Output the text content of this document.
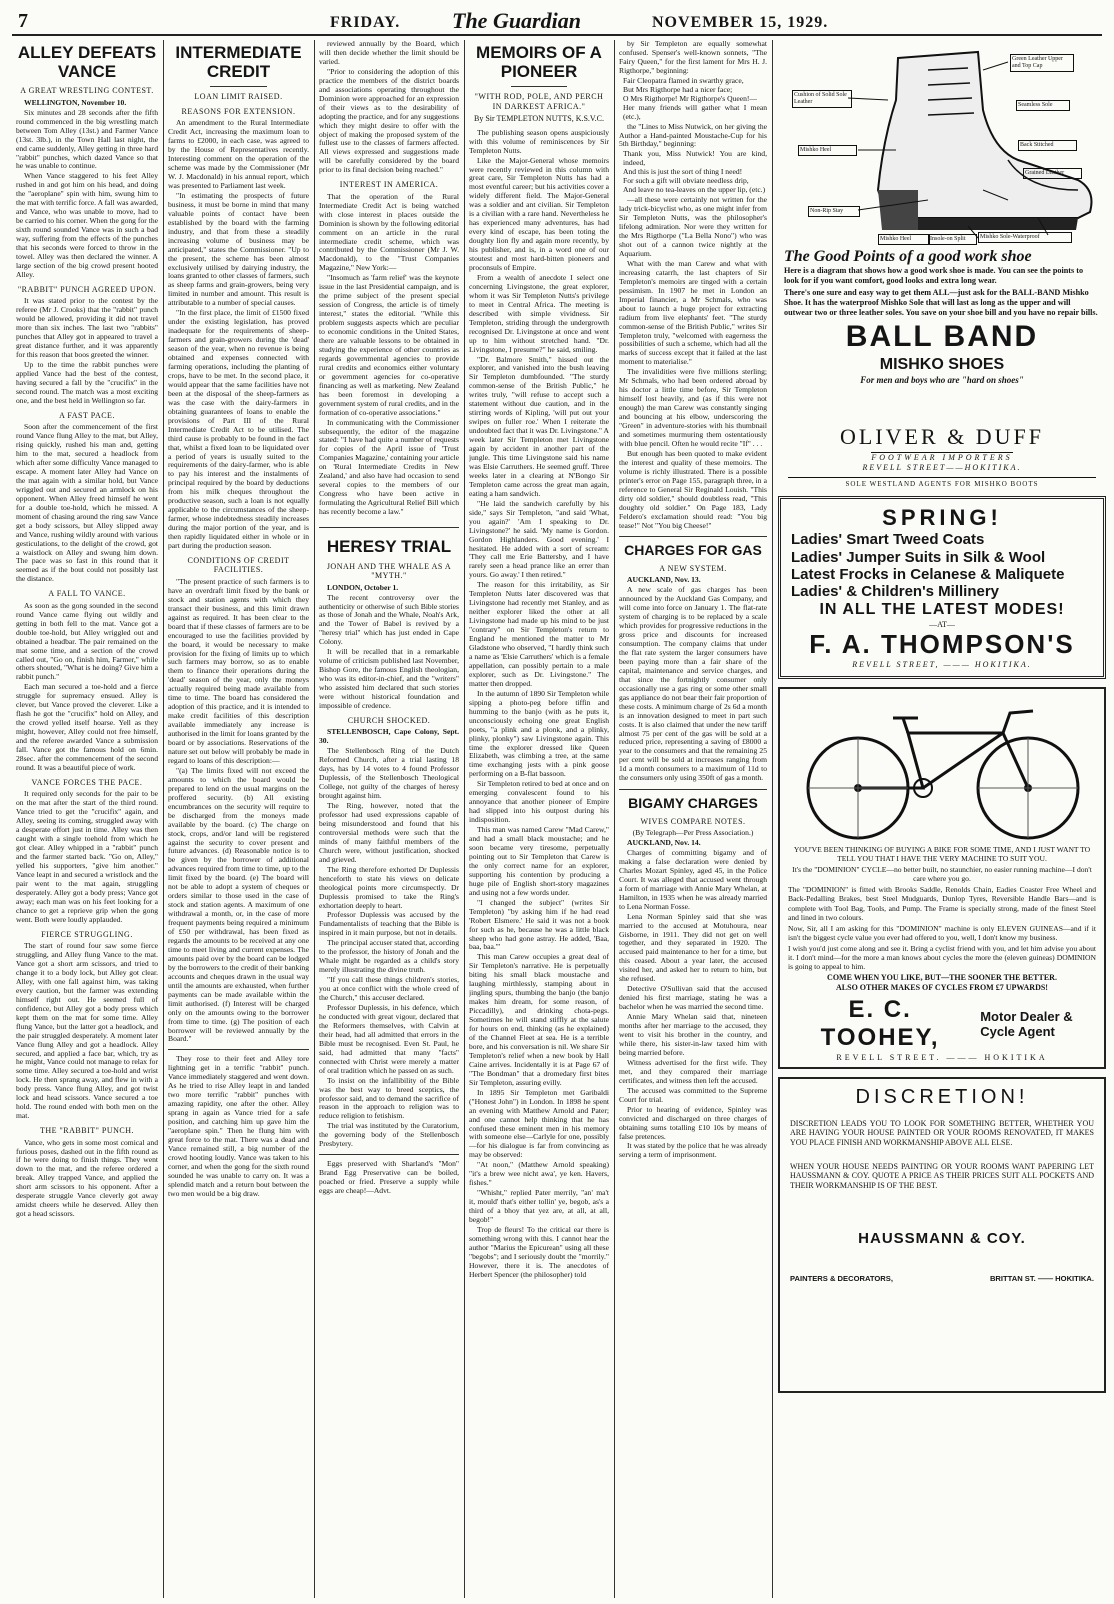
7	FRIDAY. The Guardian	NOVEMBER 15, 1929.
ALLEY DEFEATS VANCE
A GREAT WRESTLING CONTEST.

WELLINGTON, November 10.

Six minutes and 28 seconds after the fifth round commenced in the big wrestling match between Tom Alley (13st.) and Farmer Vance (13st. 3lb.), in the Town Hall last night, the end came suddenly, Alley getting in three hard "rabbit" punches, which dazed Vance so that he was unable to continue.

When Vance staggered to his feet Alley rushed in and got him on his head, and doing the "aeroplane" spin with him, swung him to the mat with terrific force. A fall was awarded, and Vance, who was unable to move, had to be carried to his corner. When the gong for the sixth round sounded Vance was in such a bad way, suffering from the effects of the punches that his seconds were forced to throw in the towel. Alley was then declared the winner. A large section of the big crowd present hooted Alley.

"RABBIT" PUNCH AGREED UPON.

It was stated prior to the contest by the referee (Mr J. Crooks) that the "rabbit" punch would be allowed, providing it did not travel more than six inches. The last two "rabbits" punches that Alley got in appeared to travel a great distance further, and it was apparently for this reason that boos greeted the winner.

Up to the time the rabbit punches were applied Vance had the best of the contest, having secured a fall by the "crucifix" in the second round. The match was a most exciting one, and the best held in Wellington so far.

A FAST PACE.

Soon after the commencement of the first round Vance flung Alley to the mat, but Alley, rising quickly, rushed his man and, getting him to the mat, secured a headlock from which after some difficulty Vance managed to escape. A moment later Alley had Vance on the mat again with a similar hold, but Vance wriggled out and secured an armlock on his opponent. When Alley freed himself he went for a double toe-hold, which he missed. A moment of chasing around the ring saw Vance get a body scissors, but Alley slipped away and Vance, rushing wildly around with various gesticulations, to the delight of the crowd, got a waistlock on Alley and swung him down. The pace was so fast in this round that it seemed as if the bout could not possibly last the distance.

A FALL TO VANCE.

As soon as the gong sounded in the second round Vance came flying out wildly and getting in both fell to the mat. Vance got a double toe-hold, but Alley wriggled out and obtained a headbar. The pair remained on the mat some time, and a section of the crowd called out, "Go on, finish him, Farmer," while others shouted, "What is he doing? Give him a rabbit punch."

Each man secured a toe-hold and a fierce struggle for supremacy ensued. Alley is clever, but Vance proved the cleverer. Like a flash he got the "crucifix" hold on Alley, and the crowd yelled itself hoarse. Yell as they might, however, Alley could not free himself, and the referee awarded Vance a submission fall. Vance got the famous hold on 6min. 28sec. after the commencement of the second round. It was a beautiful piece of work.

VANCE FORCES THE PACE.

It required only seconds for the pair to be on the mat after the start of the third round. Vance tried to get the "crucifix" again, and Alley, seeing its coming, struggled away with a desperate effort just in time. Alley was then caught with a single toehold from which he got clear. Alley whipped in a "rabbit" punch and the farmer started back. "Go on, Alley," yelled his supporters, "give him another." Vance leapt in and secured a wristlock and the pair went to the mat again, struggling desperately. Alley got a body press; Vance got away; each man was on his feet looking for a chance to get a reprieve grip when the gong went. Both were loudly applauded.

FIERCE STRUGGLING.

The start of round four saw some fierce struggling, and Alley flung Vance to the mat. Vance got a short arm scissors, and tried to change it to a body lock, but Alley got clear. Alley, with one fall against him, was taking every caution, but the farmer was extending himself right out. He seemed full of confidence, but Alley got a body press which kept them on the mat for some time. Alley flung Vance, but the latter got a headlock, and the pair struggled desperately. A moment later Vance flung Alley and got a headlock. Alley secured, and applied a face bar, which, try as he might, Vance could not manage to relax for some time. Alley secured a toe-hold and wrist lock. He then sprang away, and flew in with a body press. Vance flung Alley, and got twist lock and head scissors. Vance secured a toe hold. The round ended with both men on the mat.

THE "RABBIT" PUNCH.

Vance, who gets in some most comical and furious poses, dashed out in the fifth round as if he were doing to finish things. They went down to the mat, and the referee ordered a break. Alley trapped Vance, and applied the short arm scissors to his opponent. After a desperate struggle Vance cleverly got away amidst cheers while he deserved. Alley then got a head scissors.

INTERMEDIATE CREDIT
LOAN LIMIT RAISED.
REASONS FOR EXTENSION.

An amendment to the Rural Intermediate Credit Act, increasing the maximum loan to farms to £2000, in each case, was agreed to by the House of Representatives recently. Interesting comment on the operation of the scheme was made by the Commissioner (Mr W. J. Macdonald) in his annual report, which was presented to Parliament last week.

"In estimating the prospects of future business, it must be borne in mind that many valuable points of contact have been established by the board with the farming industry, and that from these a steadily increasing volume of business may be anticipated," states the Commissioner. "Up to the present, the scheme has been almost exclusively utilised by dairying industry, the loans granted to other classes of farmers, such as sheep farms and grain-growers, being very limited in number and amount. This result is attributable to a number of special causes.

"In the first place, the limit of £1500 fixed under the existing legislation, has proved inadequate for the requirements of sheep-farmers and grain-growers during the 'dead' season of the year, when no revenue is being obtained and expenses connected with farming operations, including the planting of crops, have to be met. In the second place, it would appear that the same facilities have not been at the disposal of the sheep-farmers as was the case with the dairy-farmers in obtaining guarantees of loans to enable the provisions of Part III of the Rural Intermediate Credit Act to be utilised. The third cause is probably to be found in the fact that, whilst a fixed loan to be liquidated over a period of years is usually suited to the requirements of the dairy-farmer, who is able to pay his interest and the instalments of principal required by the board by deductions from his milk cheques throughout the productive season, such a loan is not equally applicable to the circumstances of the sheep-farmer, whose indebtedness steadily increases during the major portion of the year, and is then rapidly liquidated either in whole or in part during the production season.

CONDITIONS OF CREDIT FACILITIES.

"The present practice of such farmers is to have an overdraft limit fixed by the bank or stock and station agents with which they transact their business, and this limit drawn against as required. It has been clear to the board that if these classes of farmers are to be encouraged to use the facilities provided by the board, it would be necessary to make provision for the fixing of limits up to which such farmers may borrow, so as to enable them to finance their operations during the 'dead' season of the year, only the moneys actually required being made available from time to time. The board has considered the adoption of this practice, and it is intended to make credit facilities of this description available immediately any increase is authorised in the limit for loans granted by the board or by associations. Reservations of the nature set out below will probably be made in regard to loans of this description:—

"(a) The limits fixed will not exceed the amounts to which the board would be prepared to lend on the usual margins on the proffered security. (b) All existing encumbrances on the security will require to be discharged from the moneys made available by the board. (c) The charge on stock, crops, and/or land will be registered against the security to cover present and future advances. (d) Reasonable notice is to be given by the borrower of additional advances required from time to time, up to the limit fixed by the board. (e) The board will not be able to adopt a system of cheques or orders similar to those used in the case of stock and station agents. A maximum of one withdrawal a month, or, in the case of more frequent payments being required a minimum of £50 per withdrawal, has been fixed as regards the amounts to be received at any one time to meet living and current expenses. The amounts paid over by the board can be lodged by the borrowers to the credit of their banking accounts and cheques drawn in the usual way until the amounts are exhausted, when further payments can be made available within the limit authorised. (f) Interest will be charged only on the amounts owing to the borrower from time to time. (g) The position of each borrower will be reviewed annually by the Board."

They rose to their feet and Alley tore lightning get in a terrific "rabbit" punch. Vance immediately staggered and went down. As he tried to rise Alley leapt in and landed two more terrific "rabbit" punches with amazing rapidity, one after the other. Alley sprang in again as Vance tried for a safe position, and catching him up gave him the "aeroplane spin." Then he flung him with great force to the mat. There was a dead and Vance remained still, a big number of the crowd hooting loudly. Vance was taken to his corner, and when the gong for the sixth round sounded he was unable to carry on. It was a splendid match and a return bout between the two men would be a big draw.

reviewed annually by the Board, which will then decide whether the limit should be varied.

"Prior to considering the adoption of this practice the members of the district boards and associations operating throughout the Dominion were approached for an expression of their views as to the desirability of adopting the practice, and for any suggestions which they might desire to offer with the object of making the proposed system of the fullest use to the classes of farmers affected. All views expressed and suggestions made will be carefully considered by the board prior to its final decision being reached."

INTEREST IN AMERICA.

That the operation of the Rural Intermediate Credit Act is being watched with close interest in places outside the Dominion is shown by the following editorial comment on an article in the rural intermediate credit scheme, which was contributed by the Commissioner (Mr J. W. Macdonald), to the "Trust Companies Magazine," New York:—

"Insomuch as 'farm relief' was the keynote issue in the last Presidential campaign, and is the prime subject of the present special session of Congress, the article is of timely interest," states the editorial. "While this problem suggests aspects which are peculiar to economic conditions in the United States, there are valuable lessons to be obtained in studying the experience of other countries as regards governmental agencies to provide rural credits and economics either voluntary or government agencies for co-operative financing as well as marketing. New Zealand has been foremost in developing a government system of rural credits, and in the formation of co-operative associations."

In communicating with the Commissioner subsequently, the editor of the magazine stated: "I have had quite a number of requests for copies of the April issue of 'Trust Companies Magazine,' containing your article on 'Rural Intermediate Credits in New Zealand,' and also have had occasion to send several copies to the members of our Congress who have been active in formulating the Agricultural Relief Bill which has recently become a law."

HERESY TRIAL
JONAH AND THE WHALE AS A "MYTH."

LONDON, October 1.

The recent controversy over the authenticity or otherwise of such Bible stories as those of Jonah and the Whale, Noah's Ark, and the Tower of Babel is revived by a "heresy trial" which has just ended in Cape Colony.

It will be recalled that in a remarkable volume of criticism published last November, Bishop Gore, the famous English theologian, who was its editor-in-chief, and the "writers" who assisted him declared that such stories were without historical foundation and impossible of credence.

CHURCH SHOCKED.

STELLENBOSCH, Cape Colony, Sept. 30.

The Stellenbosch Ring of the Dutch Reformed Church, after a trial lasting 18 days, has by 14 votes to 4 found Professor Duplessis, of the Stellenbosch Theological College, not guilty of the charges of heresy brought against him.

The Ring, however, noted that the professor had used expressions capable of being misunderstood and found that his controversial methods were such that the minds of many faithful members of the Church were, without justification, shocked and grieved.

The Ring therefore exhorted Dr Duplessis henceforth to state his views on delicate theological points more circumspectly. Dr Duplessis promised to take the Ring's exhortation deeply to heart.

Professor Duplessis was accused by the Fundamentalists of teaching that the Bible is inspired in it main purpose, but not in details.

The principal accuser stated that, according to the professor, the history of Jonah and the Whale might be regarded as a child's story merely illustrating the divine truth.

"If you call these things children's stories, you at once conflict with the whole creed of the Church," this accuser declared.

Professor Duplessis, in his defence, which he conducted with great vigour, declared that the Reformers themselves, with Calvin at their head, had all admitted that errors in the Bible must be recognised. Even St. Paul, he said, had admitted that many "facts" connected with Christ were merely a matter of oral tradition which he passed on as such.

To insist on the infallibility of the Bible was the best way to breed sceptics, the professor said, and to demand the sacrifice of reason in the approach to religion was to reduce religion to fetishism.

The trial was instituted by the Curatorium, the governing body of the Stellenbosch Presbytery.

Eggs preserved with Sharland's "Mon" Brand Egg Preservative can be boiled, poached or fried. Preserve a supply while eggs are cheap!—Advt.

MEMOIRS OF A PIONEER
"WITH ROD, POLE, AND PERCH IN DARKEST AFRICA."
By Sir TEMPLETON NUTTS, K.S.V.C.

The publishing season opens auspiciously with this volume of reminiscences by Sir Templeton Nutts.

Like the Major-General whose memoirs were recently reviewed in this column with great care, Sir Templeton Nutts has had a most eventful career; but his activities cover a widely different field. The Major-General was a soldier and ant civilian. Sir Templeton is a civilian with a rare hand. Nevertheless he has experienced many adventures, has had every kind of escape, has been toting the doughty lion fly and again more recently, by his publisher, and is, in a word one of our stoutest and most hard-bitten pioneers and proconsuls of Empire.

From a wealth of anecdote I select one concerning Livingstone, the great explorer, whom it was Sir Templeton Nutts's privilege to meet in Central Africa. The meeting is described with simple vividness. Sir Templeton, striding through the undergrowth recognised Dr. Livingstone at once and went up to him without stretched hand. "Dr. Livingstone, I presume?" he said, smiling.

"Dr. Balmore Smith," hissed out the explorer, and vanished into the bush leaving Sir Templeton dumbfounded. "The sturdy common-sense of the British Public," he writes truly, "will refuse to accept such a statement without due caution, and in the stirring words of Kipling, 'will put out your swipes on fuller roe.' When I reiterate the undoubted fact that it was Dr. Livingstone." A week later Sir Templeton met Livingstone again by accident in another part of the jungle. This time Livingstone said his name was Elsie Carruthers. He seemed gruff. Three weeks later in a clearing at N'Bongo Sir Templeton came across the great man again, eating a ham sandwich.

"He laid the sandwich carefully by his side," says Sir Templeton, "and said 'What, you again?' 'Am I speaking to Dr. Livingstone?' he said. 'My name is Gordon. Gordon Highlanders. Good evening.' I hesitated. He added with a sort of scream: 'They call me Erie Battersby, and I have rarely seen a head prance like an errer than yours. Go away.' I then retired."

The reason for this irritability, as Sir Templeton Nutts later discovered was that Livingstone had recently met Stanley, and as neither explorer liked the other at all Livingstone had made up his mind to be just "contrary" on Sir Templeton's return to England he mentioned the matter to Mr Gladstone who observed, "I hardly think such a name as 'Elsie Carruthers' which is a female appellation, can possibly pertain to a male explorer, such as Dr. Livingstone." The matter then dropped.

In the autumn of 1890 Sir Templeton while sipping a photo-peg before tiffin and humming to the banjo (with as he puts it, unconsciously echoing one great English poets, "a plink and a plonk, and a plinky, plinky, plonky") saw Livingstone again. This time the explorer dressed like Queen Elizabeth, was climbing a tree, at the same time exchanging jests with a pink goose performing on a B-flat bassoon.

Sir Templeton retired to bed at once and on emerging convalescent found to his annoyance that another pioneer of Empire had slipped into his outpost during his indisposition.

This man was named Carew "Mad Carew," and had a small black moustache; and he soon became very tiresome, perpetually pointing out to Sir Templeton that Carew is the only correct name for an explorer, supporting his contention by producing a huge pile of English short-story magazines and using not a few words under.

"I changed the subject" (writes Sir Templeton) "by asking him if he had read 'Robert Elsmere.' He said it was not a book for such as he, because he was a little black sheep who had gone astray. He added, 'Baa, baa, baa.'"

This man Carew occupies a great deal of Sir Templeton's narrative. He is perpetually biting his small black moustache and laughing mirthlessly, stamping about in jingling spurs, thumbing the banjo (the banjo makes him dream, for some reason, of Piccadilly), and drinking chota-pegs. Sometimes he will stand stiffly at the salute for hours on end, thinking (as he explained) of the Channel Fleet at sea. He is a terrible bore, and his conversation is nil. We share Sir Templeton's relief when a new book by Hall Caine arrives. Incidentally it is at Page 67 of "The Bondman" that a dromedary first bites Sir Templeton, assuring evilly.

In 1895 Sir Templeton met Garibaldi ("Honest John") in London. In 1898 he spent an evening with Matthew Arnold and Pater; and one cannot help thinking that he has confused these eminent men in his memory with someone else—Carlyle for one, possibly—for his dialogue is far from convincing as may be observed:

"At noon," (Matthew Arnold speaking) "it's a brew wee nicht awa', ye ken. Havers, fishes."

"Whisht," replied Pater merrily, "an' ma't it, mould' that's either tollin' ye, begob, as's a third of a bhoy that yez are, at all, at all, begob!"

Trop de fleurs! To the critical ear there is something wrong with this. I cannot hear the author "Marius the Epicurean" using all these "begobs"; and I seriously doubt the "morrily." However, there it is. The anecdotes of Herbert Spencer (the philosopher) told

by Sir Templeton are equally somewhat confused. Spenser's well-known sonnets, "The Fairy Queen," for the first lament for Mrs H. J. Rigthorpe," beginning:

Fair Cleopatra flamed in swarthy grace,
But Mrs Rigthorpe had a nicer face;
O Mrs Rigthorpe! Mr Rigthorpe's Queen!—
Her many friends will gather what I mean (etc.),

the "Lines to Miss Nutwick, on her giving the Author a Hand-painted Moustache-Cup for his 5th Birthday," beginning:

Thank you, Miss Nutwick! You are kind, indeed,
And this is just the sort of thing I need!
For such a gift will obviate needless drip,
And leave no tea-leaves on the upper lip, (etc.)

—all these were certainly not written for the lady trick-bicyclist who, as one might infer from Sir Templeton Nutts, was the philosopher's lifelong admiration. Nor were they written for the Mrs Rigthorpe ("La Bella Nono") who was shot out of a cannon twice nightly at the Aquarium.

What with the man Carew and what with increasing catarrh, the last chapters of Sir Templeton's memoirs are tinged with a certain pessimism. In 1907 he met in London an Imperial financier, a Mr Schmals, who was about to launch a huge project for extracting radium from live elephants' feet. "The sturdy common-sense of the British Public," writes Sir Templeton truly, "welcomed with eagerness the possibilities of such a scheme, which had all the marks of success except that it failed at the last moment to materialise."

The invalidities were five millions sterling; Mr Schmals, who had been ordered abroad by his doctor a little time before, Sir Templeton himself lost heavily, and (as if this were not enough) the man Carew was constantly singing and bouncing at his elbow, underscoring the "Green" in adventure-stories with his thumbnail and sometimes murmuring them ostentatiously with blue pencil. Often he would recite "If" . . .

But enough has been quoted to make evident the interest and quality of these memoirs. The volume is richly illustrated. There is a possible printer's error on Page 155, paragraph three, in a reference to General Sir Reginald Louish. "This dirty old soldier," should doubtless read, "This doughty old soldier." On Page 183, Lady Feldero's exclamation should read: "You big tease!" Not "You big Cheese!"

CHARGES FOR GAS
A NEW SYSTEM.

AUCKLAND, Nov. 13.

A new scale of gas charges has been announced by the Auckland Gas Company, and will come into force on January 1. The flat-rate system of charging is to be replaced by a scale which provides for progressive reductions in the gross price and discounts for increased consumption. The company claims that under the flat rate system the larger consumers have been paying more than a fair share of the capital, maintenance and service charges, and that since the fortnightly consumer only occasionally use a gas ring or some other small gas appliance do not bear their fair proportion of these costs. A minimum charge of 2s 6d a month is an innovation designed to meet in part such costs. It is also claimed that under the new tariff almost 75 per cent of the gas will be sold at a reduced price, representing a saving of £8000 a year to the consumers and that the remaining 25 per cent will be sold at increases ranging from 1d a month consumers to a maximum of 11d to the consumers only using 350ft of gas a month.

BIGAMY CHARGES
WIVES COMPARE NOTES.

(By Telegraph—Per Press Association.)

AUCKLAND, Nov. 14.

Charges of committing bigamy and of making a false declaration were denied by Charles Mozart Spinley, aged 45, in the Police Court. It was alleged that accused went through a form of marriage with Annie Mary Whelan, at Hamilton, in 1935 when he was already married to Lena Norman Fosse.

Lena Norman Spinley said that she was married to the accused at Motuhoura, near Gisborne, in 1911. They did not get on well together, and they separated in 1920. The accused paid maintenance to her for a time, but this ceased. About a year later, the accused visited her, and asked her to return to him, but she refused.

Detective O'Sullivan said that the accused denied his first marriage, stating he was a bachelor when he was married the second time.

Annie Mary Whelan said that, nineteen months after her marriage to the accused, they went to visit his brother in the country, and while there, his sister-in-law taxed him with being married before.

Witness advertised for the first wife. They met, and they compared their marriage certificates, and witness then left the accused.

The accused was committed to the Supreme Court for trial.

Prior to hearing of evidence, Spinley was convicted and discharged on three charges of obtaining sums totalling £10 10s by means of false pretences.

It was stated by the police that he was already serving a term of imprisonment.

Green Leather Upper and Top Cap
Cushion of Solid Sole Leather	Seamless Sole
Mishko Heel
Back Stitched
Grained Leather
Mishko Sole-Waterproof
Non-Rip Stay
Mishko Heel	Insole-on Split
The Good Points of a good work shoe
Here is a diagram that shows how a good work shoe is made. You can see the points to look for if you want comfort, good looks and extra long wear.
There's one sure and easy way to get them ALL—just ask for the BALL-BAND Mishko Shoe. It has the waterproof Mishko Sole that will last as long as the upper and will outwear two or three leather soles. You save on your shoe bill and you have no repair bills.
BALL BAND
MISHKO SHOES
For men and boys who are "hard on shoes"
OLIVER & DUFF
FOOTWEAR IMPORTERS
REVELL STREET——HOKITIKA.
SOLE WESTLAND AGENTS FOR MISHKO BOOTS
SPRING!
Ladies' Smart Tweed Coats
Ladies' Jumper Suits in Silk & Wool
Latest Frocks in Celanese & Maliquete
Ladies' & Children's Millinery
IN ALL THE LATEST MODES!
—AT—
F. A. THOMPSON'S
REVELL STREET, ——— HOKITIKA.
YOU'VE BEEN THINKING OF BUYING A BIKE FOR SOME TIME, AND I JUST WANT TO TELL YOU THAT I HAVE THE VERY MACHINE TO SUIT YOU.
It's the "DOMINION" CYCLE—no better built, no staunchier, no easier running machine—I don't care where you go.
The "DOMINION" is fitted with Brooks Saddle, Renolds Chain, Eadies Coaster Free Wheel and Back-Pedalling Brakes, best Steel Mudguards, Dunlop Tyres, Reversible Handle Bars—and is complete with Tool Bag, Tools, and Pump. The Frame is specially strong, made of the finest Steel and lined in two colours.
Now, Sir, all I am asking for this "DOMINION" machine is only ELEVEN GUINEAS—and if it isn't the biggest cycle value you ever had offered to you, well, I don't know my business.
I wish you'd just come along and see it. Bring a cyclist friend with you, and let him advise you about it. I don't mind—for the more a man knows about cycles the more the (eleven guineas) DOMINION is going to appeal to him.
COME WHEN YOU LIKE, BUT—THE SOONER THE BETTER.
ALSO OTHER MAKES OF CYCLES FROM £7 UPWARDS!
E. C. TOOHEY,
Motor Dealer & Cycle Agent
REVELL STREET. ——— HOKITIKA
DISCRETION!
DISCRETION LEADS YOU TO LOOK FOR SOMETHING BETTER, WHETHER YOU ARE HAVING YOUR HOUSE PAINTED OR YOUR ROOMS RENOVATED, IT MAKES YOU PLACE FINISH AND WORKMANSHIP ABOVE ALL ELSE.
WHEN YOUR HOUSE NEEDS PAINTING OR YOUR ROOMS WANT PAPERING LET HAUSSMANN & COY. QUOTE A PRICE AS THEIR PRICES SUIT ALL POCKETS AND THEIR WORKMANSHIP IS OF THE BEST.
HAUSSMANN & COY.
PAINTERS & DECORATORS,	BRITTAN ST. —— HOKITIKA.
